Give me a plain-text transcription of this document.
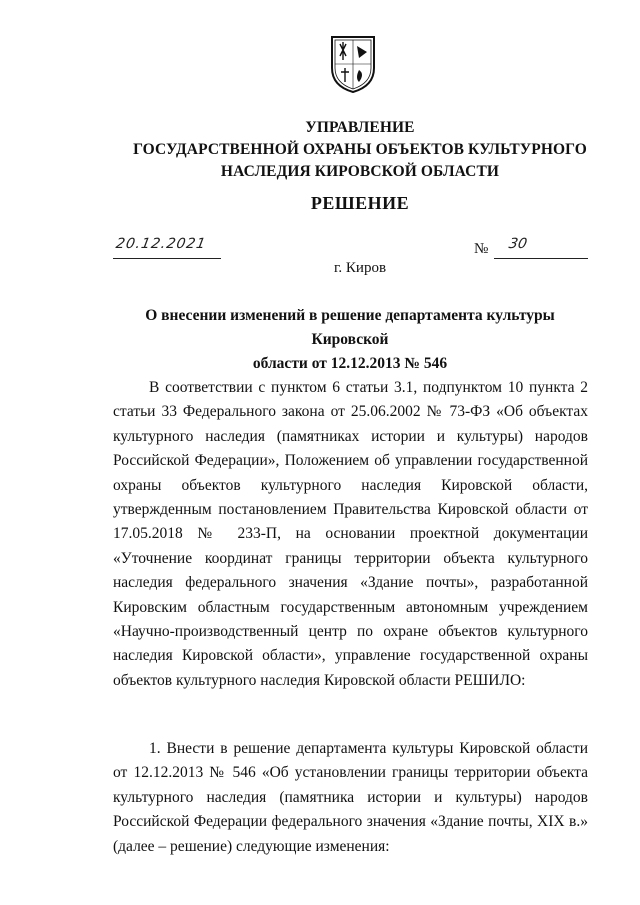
УПРАВЛЕНИЕ
ГОСУДАРСТВЕННОЙ ОХРАНЫ ОБЪЕКТОВ КУЛЬТУРНОГО
НАСЛЕДИЯ КИРОВСКОЙ ОБЛАСТИ
РЕШЕНИЕ
20.12.2021	№ 30
г. Киров
О внесении изменений в решение департамента культуры Кировской
области от 12.12.2013 № 546
В соответствии с пунктом 6 статьи 3.1, подпунктом 10 пункта 2 статьи 33 Федерального закона от 25.06.2002 № 73-ФЗ «Об объектах культурного наследия (памятниках истории и культуры) народов Российской Федерации», Положением об управлении государственной охраны объектов культурного наследия Кировской области, утвержденным постановлением Правительства Кировской области от 17.05.2018 № 233-П, на основании проектной документации «Уточнение координат границы территории объекта культурного наследия федерального значения «Здание почты», разработанной Кировским областным государственным автономным учреждением «Научно-производственный центр по охране объектов культурного наследия Кировской области», управление государственной охраны объектов культурного наследия Кировской области РЕШИЛО:
1. Внести в решение департамента культуры Кировской области от 12.12.2013 № 546 «Об установлении границы территории объекта культурного наследия (памятника истории и культуры) народов Российской Федерации федерального значения «Здание почты, XIX в.» (далее – решение) следующие изменения:
